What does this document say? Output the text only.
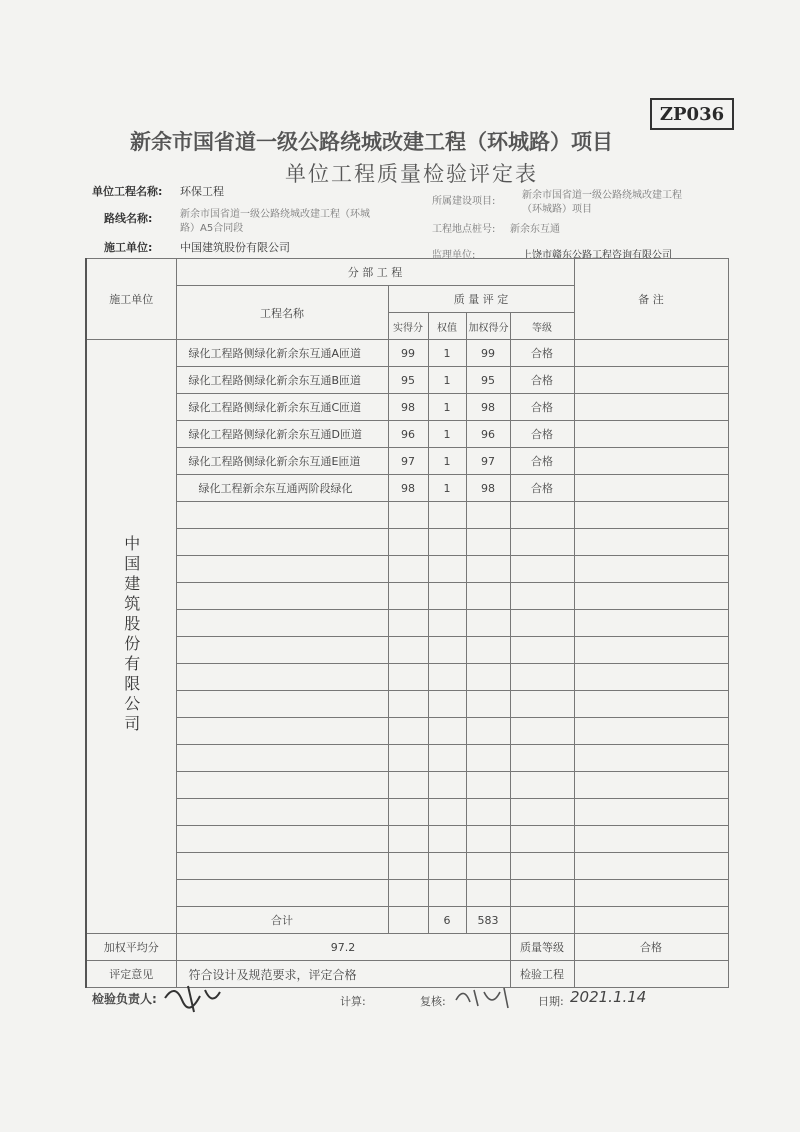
ZP036
新余市国省道一级公路绕城改建工程（环城路）项目
单位工程质量检验评定表
单位工程名称: 环保工程
路线名称:	新余市国省道一级公路绕城改建工程（环城
路）A5合同段
施工单位:	中国建筑股份有限公司
所属建设项目:
新余市国省道一级公路绕城改建工程
（环城路）项目
工程地点桩号: 新余东互通
监理单位:	上饶市赣东公路工程咨询有限公司
施工单位	分 部 工 程					备 注
	工程名称	质 量 评 定				
		实得分	权值	加权得分	等级	
中国建筑股份有限公司	绿化工程路侧绿化新余东互通A匝道	99	1	99	合格	
	绿化工程路侧绿化新余东互通B匝道	95	1	95	合格	
	绿化工程路侧绿化新余东互通C匝道	98	1	98	合格	
	绿化工程路侧绿化新余东互通D匝道	96	1	96	合格	
	绿化工程路侧绿化新余东互通E匝道	97	1	97	合格	
	绿化工程新余东互通两阶段绿化	98	1	98	合格	

	合计		6	583		
加权平均分	97.2				质量等级	合格
评定意见	符合设计及规范要求，评定合格				检验工程	
检验负责人:	计算:	复核:	日期: 2021.1.14
